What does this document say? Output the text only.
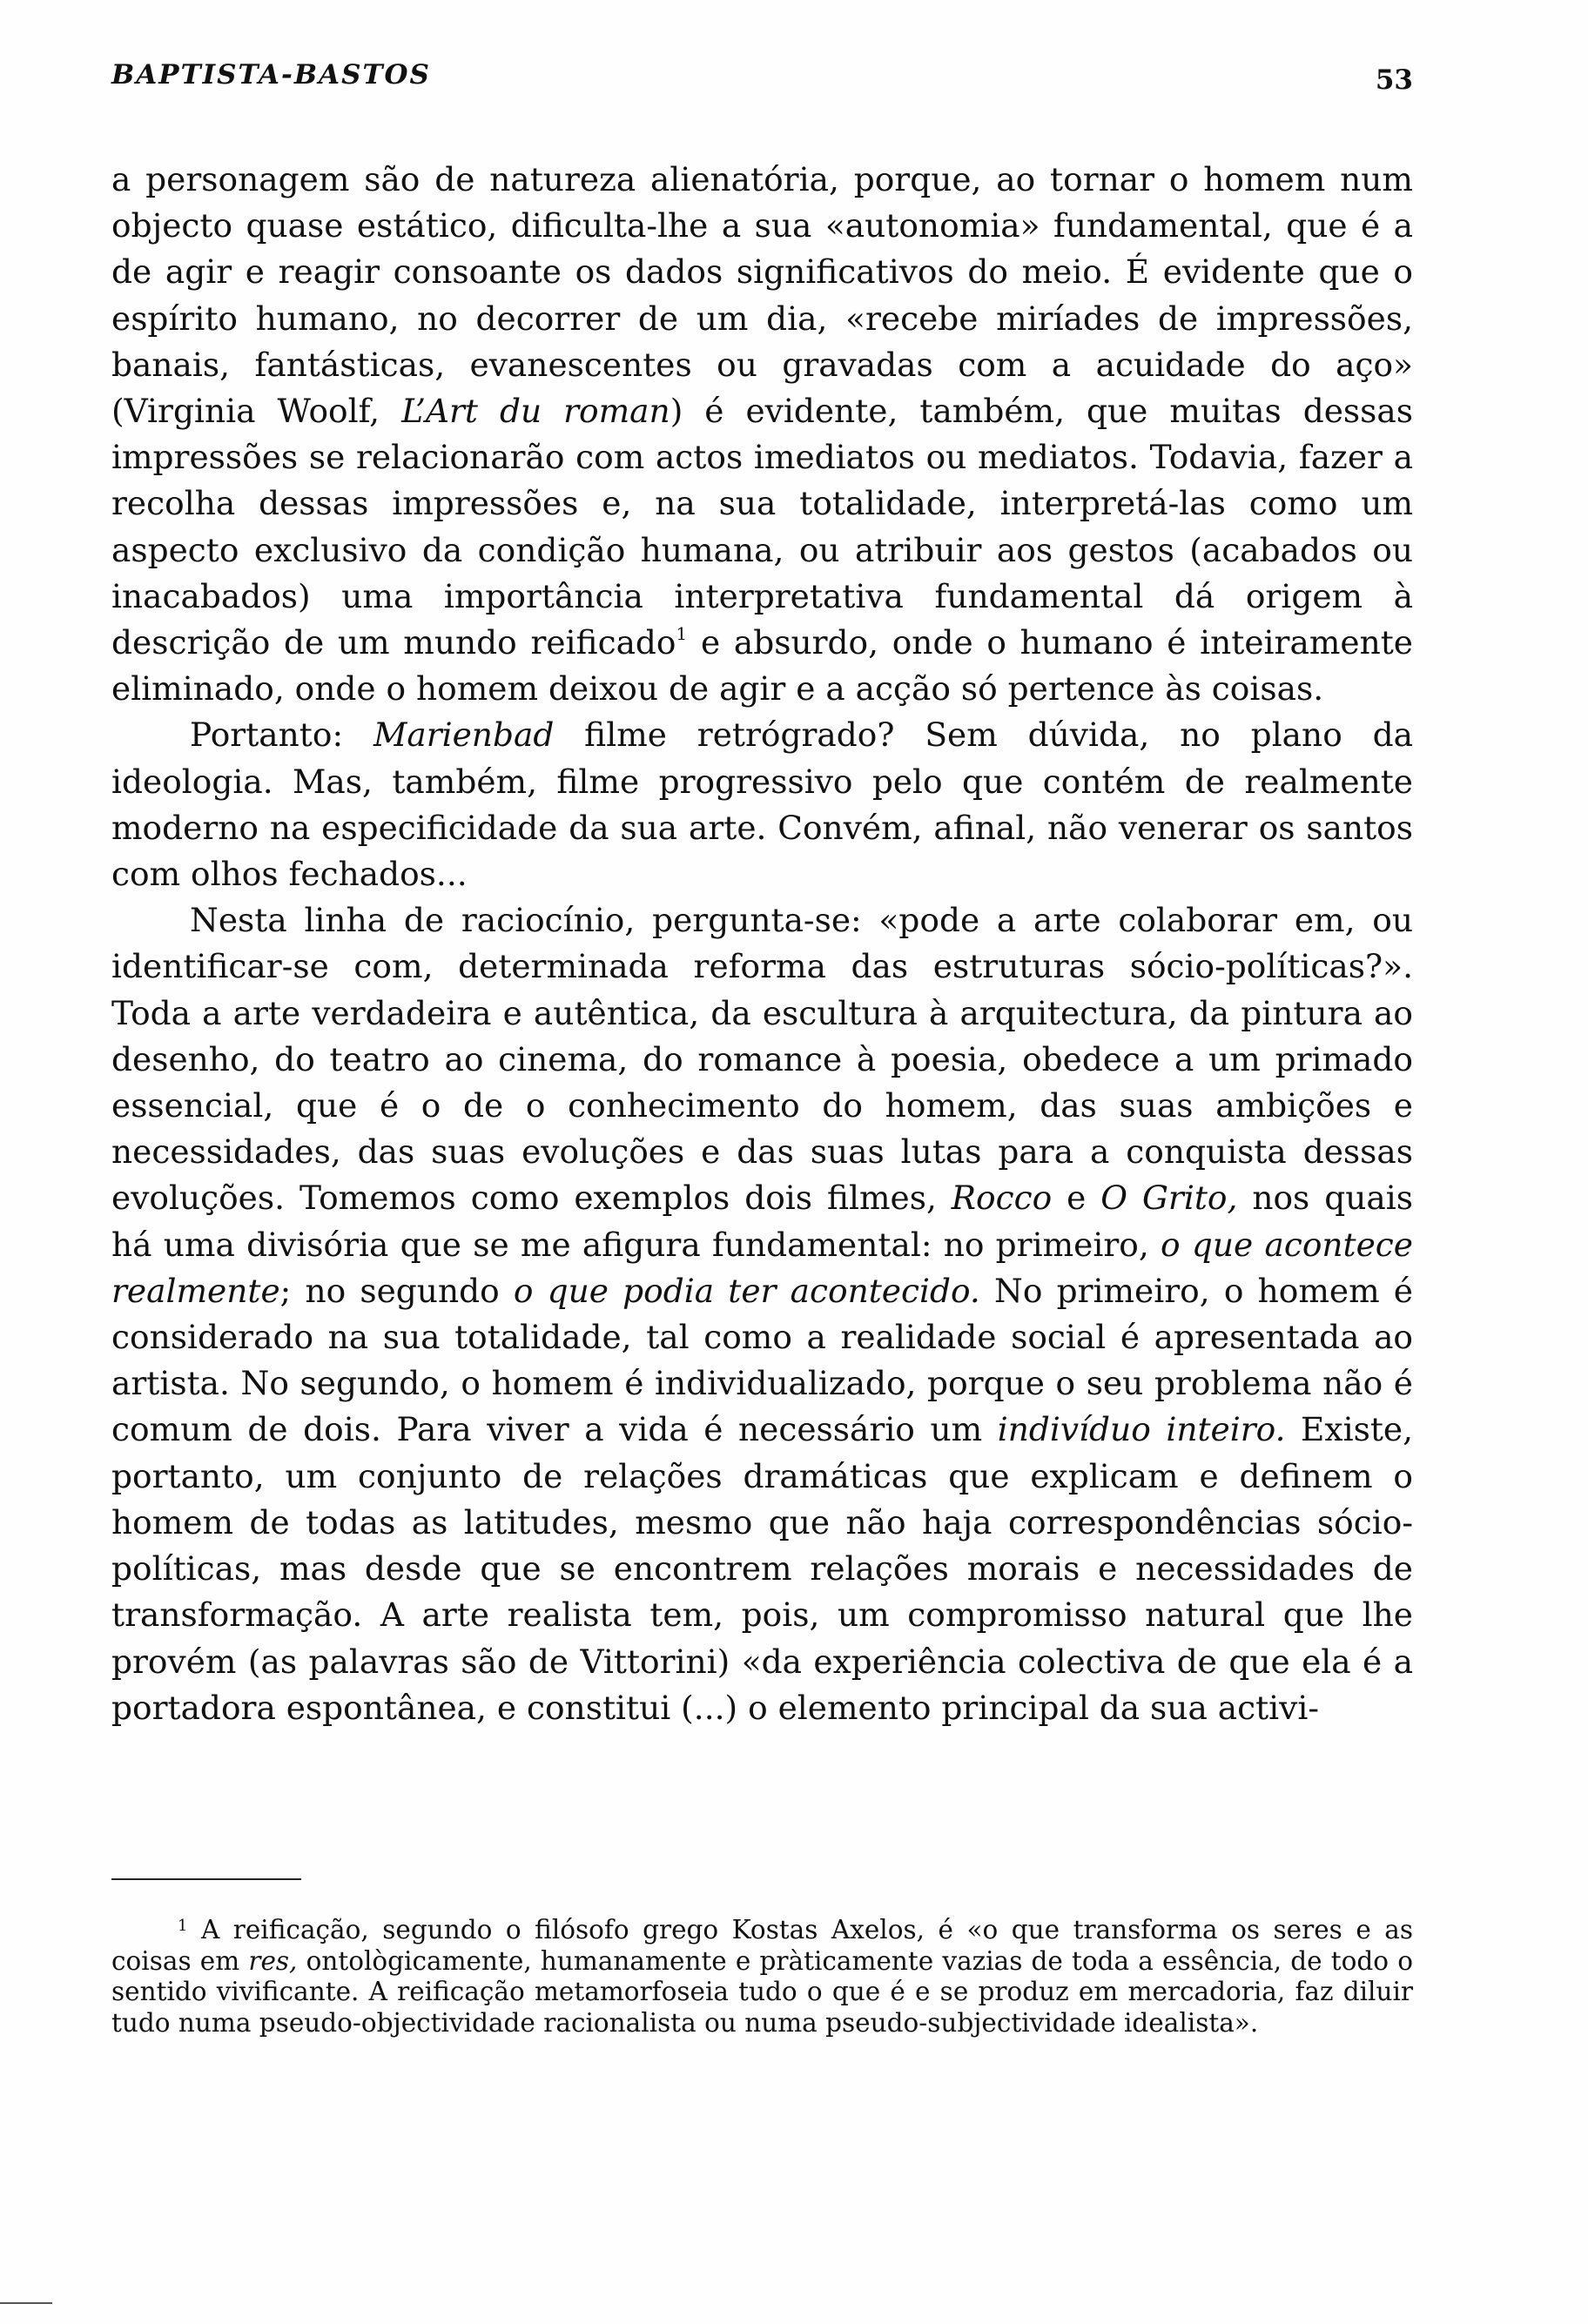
BAPTISTA-BASTOS	53

a personagem são de natureza alienatória, porque, ao tornar o homem num objecto quase estático, dificulta-lhe a sua «autonomia» fundamental, que é a de agir e reagir consoante os dados significativos do meio. É evidente que o espírito humano, no decorrer de um dia, «recebe miríades de impressões, banais, fantásticas, evanescentes ou gravadas com a acuidade do aço» (Virginia Woolf, L’Art du roman) é evidente, também, que muitas dessas impressões se relacionarão com actos imediatos ou mediatos. Todavia, fazer a recolha dessas impressões e, na sua totalidade, interpretá-las como um aspecto exclusivo da condição humana, ou atribuir aos gestos (acabados ou inacabados) uma importância interpretativa fundamental dá origem à descrição de um mundo reificado$^1$ e absurdo, onde o humano é inteiramente eliminado, onde o homem deixou de agir e a acção só pertence às coisas.

Portanto: Marienbad filme retrógrado? Sem dúvida, no plano da ideologia. Mas, também, filme progressivo pelo que contém de realmente moderno na especificidade da sua arte. Convém, afinal, não venerar os santos com olhos fechados...

Nesta linha de raciocínio, pergunta-se: «pode a arte colaborar em, ou identificar-se com, determinada reforma das estruturas sócio-políticas?». Toda a arte verdadeira e autêntica, da escultura à arquitectura, da pintura ao desenho, do teatro ao cinema, do romance à poesia, obedece a um primado essencial, que é o de o conhecimento do homem, das suas ambições e necessidades, das suas evoluções e das suas lutas para a conquista dessas evoluções. Tomemos como exemplos dois filmes, Rocco e O Grito, nos quais há uma divisória que se me afigura fundamental: no primeiro, o que acontece realmente; no segundo o que podia ter acontecido. No primeiro, o homem é considerado na sua totalidade, tal como a realidade social é apresentada ao artista. No segundo, o homem é individualizado, porque o seu problema não é comum de dois. Para viver a vida é necessário um indivíduo inteiro. Existe, portanto, um conjunto de relações dramáticas que explicam e definem o homem de todas as latitudes, mesmo que não haja correspondências sócio-políticas, mas desde que se encontrem relações morais e necessidades de transformação. A arte realista tem, pois, um compromisso natural que lhe provém (as palavras são de Vittorini) «da experiência colectiva de que ela é a portadora espontânea, e constitui (...) o elemento principal da sua activi-

$^1$ A reificação, segundo o filósofo grego Kostas Axelos, é «o que transforma os seres e as coisas em res, ontològicamente, humanamente e pràticamente vazias de toda a essência, de todo o sentido vivificante. A reificação metamorfoseia tudo o que é e se produz em mercadoria, faz diluir tudo numa pseudo-objectividade racionalista ou numa pseudo-subjectividade idealista».
